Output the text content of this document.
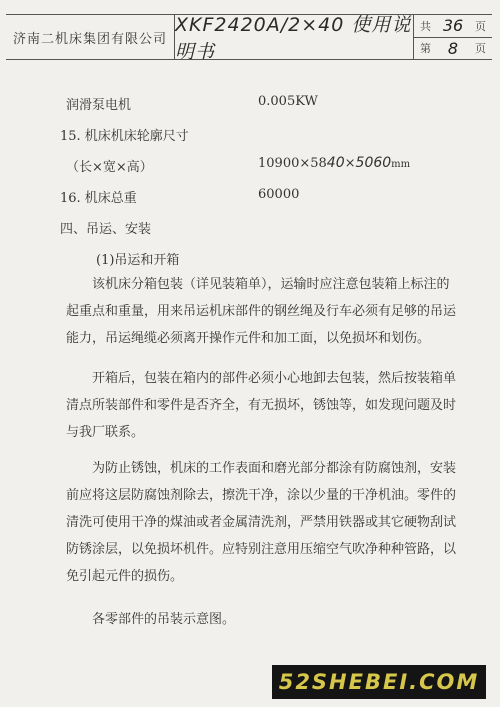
济南二机床集团有限公司
XKF2420A/2×40 使用说明书
共 36 页
第 8 页
润滑泵电机	0.005KW
15. 机床机床轮廓尺寸
（长×宽×高）	10900×5840×5060mm
16. 机床总重	60000
四、吊运、安装
(1)吊运和开箱
该机床分箱包装（详见装箱单），运输时应注意包装箱上标注的起重点和重量，用来吊运机床部件的钢丝绳及行车必须有足够的吊运能力，吊运绳缆必须离开操作元件和加工面，以免损坏和划伤。
开箱后，包装在箱内的部件必须小心地卸去包装，然后按装箱单清点所装部件和零件是否齐全，有无损坏，锈蚀等，如发现问题及时与我厂联系。
为防止锈蚀，机床的工作表面和磨光部分都涂有防腐蚀剂，安装前应将这层防腐蚀剂除去，擦洗干净，涂以少量的干净机油。零件的清洗可使用干净的煤油或者金属清洗剂，严禁用铁器或其它硬物刮试防锈涂层，以免损坏机件。应特别注意用压缩空气吹净种种管路，以免引起元件的损伤。
各零部件的吊装示意图。
52SHEBEI.COM
